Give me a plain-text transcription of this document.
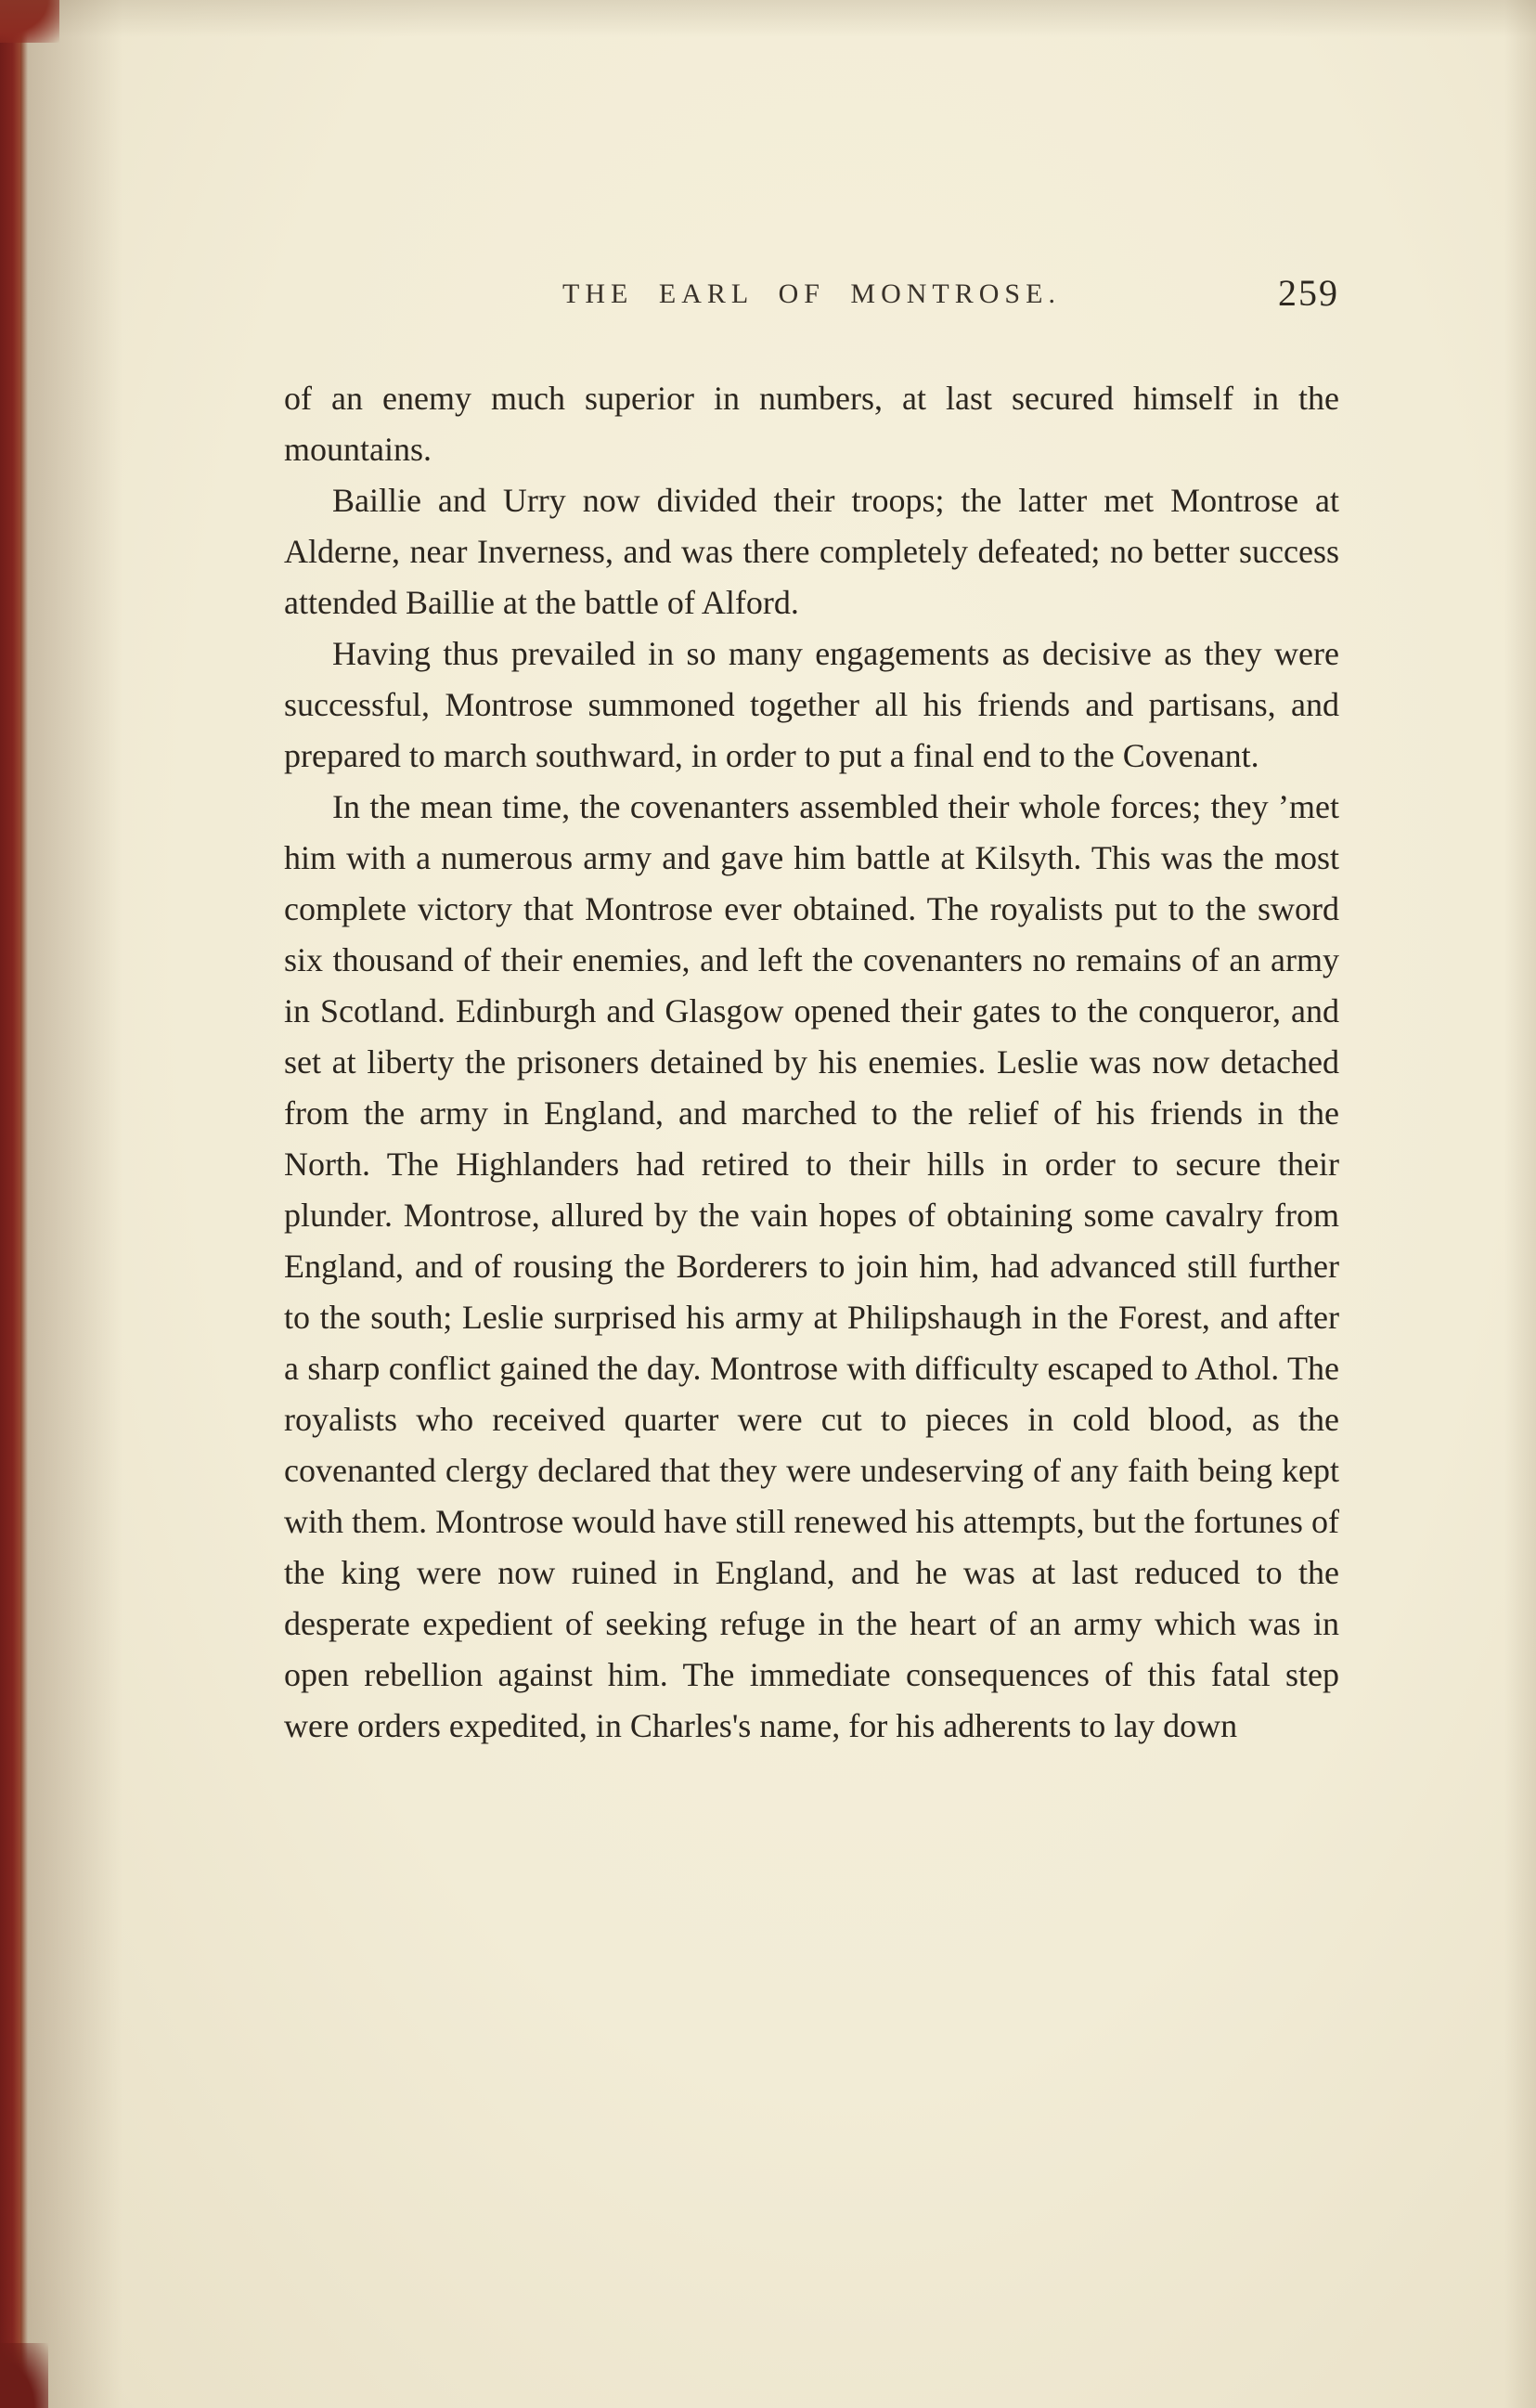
THE EARL OF MONTROSE.	259

of an enemy much superior in numbers, at last secured himself in the mountains.

Baillie and Urry now divided their troops; the latter met Montrose at Alderne, near Inverness, and was there completely defeated; no better success attended Baillie at the battle of Alford.

Having thus prevailed in so many engagements as decisive as they were successful, Montrose summoned together all his friends and partisans, and prepared to march southward, in order to put a final end to the Covenant.

In the mean time, the covenanters assembled their whole forces; they ’met him with a numerous army and gave him battle at Kilsyth. This was the most complete victory that Montrose ever obtained. The royalists put to the sword six thousand of their enemies, and left the covenanters no remains of an army in Scotland. Edinburgh and Glasgow opened their gates to the conqueror, and set at liberty the prisoners detained by his enemies. Leslie was now detached from the army in England, and marched to the relief of his friends in the North. The Highlanders had retired to their hills in order to secure their plunder. Montrose, allured by the vain hopes of obtaining some cavalry from England, and of rousing the Borderers to join him, had advanced still further to the south; Leslie surprised his army at Philipshaugh in the Forest, and after a sharp conflict gained the day. Montrose with difficulty escaped to Athol. The royalists who received quarter were cut to pieces in cold blood, as the covenanted clergy declared that they were undeserving of any faith being kept with them. Montrose would have still renewed his attempts, but the fortunes of the king were now ruined in England, and he was at last reduced to the desperate expedient of seeking refuge in the heart of an army which was in open rebellion against him. The immediate consequences of this fatal step were orders expedited, in Charles's name, for his adherents to lay down
